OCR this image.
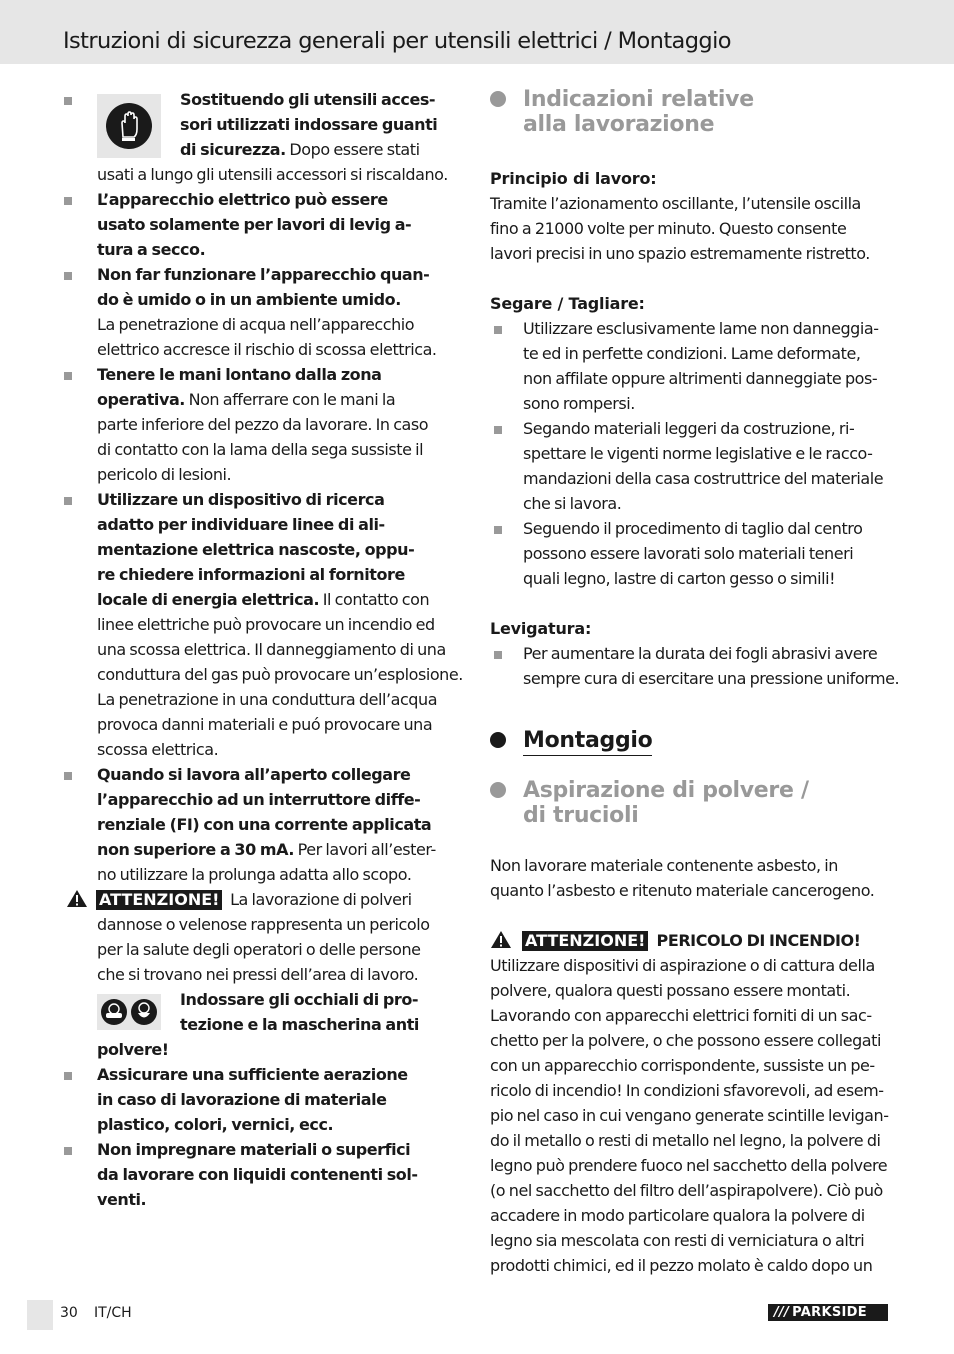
Istruzioni di sicurezza generali per utensili elettrici / Montaggio
Sostituendo gli utensili acces-
sori utilizzati indossare guanti
di sicurezza. Dopo essere stati
usati a lungo gli utensili accessori si riscaldano.
L’apparecchio elettrico può essere
usato solamente per lavori di levig a-
tura a secco.
Non far funzionare l’apparecchio quan-
do è umido o in un ambiente umido.
La penetrazione di acqua nell’apparecchio
elettrico accresce il rischio di scossa elettrica.
Tenere le mani lontano dalla zona
operativa. Non afferrare con le mani la
parte inferiore del pezzo da lavorare. In caso
di contatto con la lama della sega sussiste il
pericolo di lesioni.
Utilizzare un dispositivo di ricerca
adatto per individuare linee di ali-
mentazione elettrica nascoste, oppu-
re chiedere informazioni al fornitore
locale di energia elettrica. Il contatto con
linee elettriche può provocare un incendio ed
una scossa elettrica. Il danneggiamento di una
conduttura del gas può provocare un’esplosione.
La penetrazione in una conduttura dell’acqua
provoca danni materiali e puó provocare una
scossa elettrica.
Quando si lavora all’aperto collegare
l’apparecchio ad un interruttore diffe-
renziale (FI) con una corrente applicata
non superiore a 30 mA. Per lavori all’ester-
no utilizzare la prolunga adatta allo scopo.
ATTENZIONE! La lavorazione di polveri
dannose o velenose rappresenta un pericolo
per la salute degli operatori o delle persone
che si trovano nei pressi dell’area di lavoro.
Indossare gli occhiali di pro-
tezione e la mascherina anti
polvere!
Assicurare una sufficiente aerazione
in caso di lavorazione di materiale
plastico, colori, vernici, ecc.
Non impregnare materiali o superfici
da lavorare con liquidi contenenti sol-
venti.
Indicazioni relative
alla lavorazione
Principio di lavoro:
Tramite l’azionamento oscillante, l’utensile oscilla
fino a 21000 volte per minuto. Questo consente
lavori precisi in uno spazio estremamente ristretto.
Segare / Tagliare:
Utilizzare esclusivamente lame non danneggia-
te ed in perfette condizioni. Lame deformate,
non affilate oppure altrimenti danneggiate pos-
sono rompersi.
Segando materiali leggeri da costruzione, ri-
spettare le vigenti norme legislative e le racco-
mandazioni della casa costruttrice del materiale
che si lavora.
Seguendo il procedimento di taglio dal centro
possono essere lavorati solo materiali teneri
quali legno, lastre di carton gesso o simili!
Levigatura:
Per aumentare la durata dei fogli abrasivi avere
sempre cura di esercitare una pressione uniforme.
Montaggio
Aspirazione di polvere /
di trucioli
Non lavorare materiale contenente asbesto, in
quanto l’asbesto e ritenuto materiale cancerogeno.
ATTENZIONE! PERICOLO DI INCENDIO!
Utilizzare dispositivi di aspirazione o di cattura della
polvere, qualora questi possano essere montati.
Lavorando con apparecchi elettrici forniti di un sac-
chetto per la polvere, o che possono essere collegati
con un apparecchio corrispondente, sussiste un pe-
ricolo di incendio! In condizioni sfavorevoli, ad esem-
pio nel caso in cui vengano generate scintille levigan-
do il metallo o resti di metallo nel legno, la polvere di
legno può prendere fuoco nel sacchetto della polvere
(o nel sacchetto del filtro dell’aspirapolvere). Ciò può
accadere in modo particolare qualora la polvere di
legno sia mescolata con resti di verniciatura o altri
prodotti chimici, ed il pezzo molato è caldo dopo un
30 IT/CH	/// PARKSIDE
